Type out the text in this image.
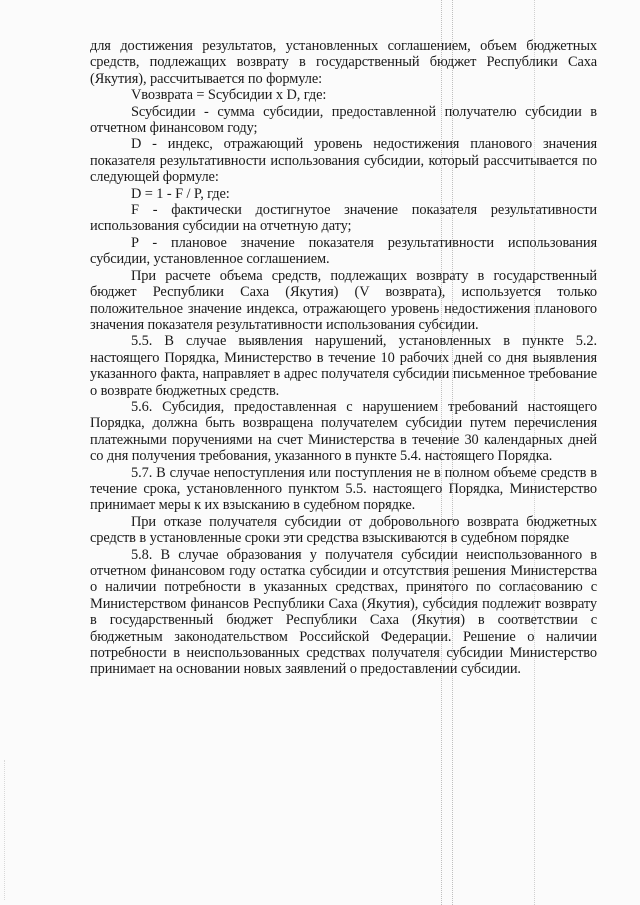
для достижения результатов, установленных соглашением, объем бюджетных средств, подлежащих возврату в государственный бюджет Республики Саха (Якутия), рассчитывается по формуле:

Vвозврата = Sсубсидии x D, где:

Sсубсидии - сумма субсидии, предоставленной получателю субсидии в отчетном финансовом году;

D - индекс, отражающий уровень недостижения планового значения показателя результативности использования субсидии, который рассчитывается по следующей формуле:

D = 1 - F / P, где:

F - фактически достигнутое значение показателя результативности использования субсидии на отчетную дату;

P - плановое значение показателя результативности использования субсидии, установленное соглашением.

При расчете объема средств, подлежащих возврату в государственный бюджет Республики Саха (Якутия) (V возврата), используется только положительное значение индекса, отражающего уровень недостижения планового значения показателя результативности использования субсидии.

5.5. В случае выявления нарушений, установленных в пункте 5.2. настоящего Порядка, Министерство в течение 10 рабочих дней со дня выявления указанного факта, направляет в адрес получателя субсидии письменное требование о возврате бюджетных средств.

5.6. Субсидия, предоставленная с нарушением требований настоящего Порядка, должна быть возвращена получателем субсидии путем перечисления платежными поручениями на счет Министерства в течение 30 календарных дней со дня получения требования, указанного в пункте 5.4. настоящего Порядка.

5.7. В случае непоступления или поступления не в полном объеме средств в течение срока, установленного пунктом 5.5. настоящего Порядка, Министерство принимает меры к их взысканию в судебном порядке.

При отказе получателя субсидии от добровольного возврата бюджетных средств в установленные сроки эти средства взыскиваются в судебном порядке

5.8. В случае образования у получателя субсидии неиспользованного в отчетном финансовом году остатка субсидии и отсутствия решения Министерства о наличии потребности в указанных средствах, принятого по согласованию с Министерством финансов Республики Саха (Якутия), субсидия подлежит возврату в государственный бюджет Республики Саха (Якутия) в соответствии с бюджетным законодательством Российской Федерации. Решение о наличии потребности в неиспользованных средствах получателя субсидии Министерство принимает на основании новых заявлений о предоставлении субсидии.
